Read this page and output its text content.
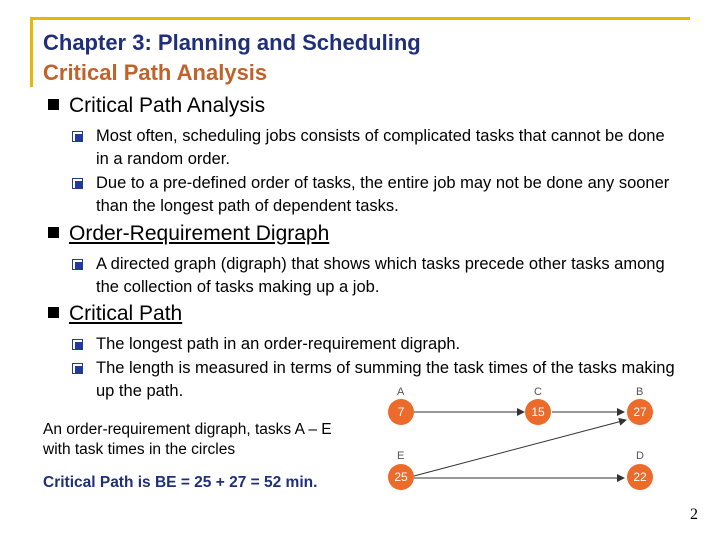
Chapter 3: Planning and Scheduling
Critical Path Analysis
Critical Path Analysis
Most often, scheduling jobs consists of complicated tasks that cannot be done in a random order.
Due to a pre-defined order of tasks, the entire job may not be done any sooner than the longest path of dependent tasks.
Order-Requirement Digraph
A directed graph (digraph) that shows which tasks precede other tasks among the collection of tasks making up a job.
Critical Path
The longest path in an order-requirement digraph.
The length is measured in terms of summing the task times of the tasks making up the path.
An order-requirement digraph, tasks A – E with task times in the circles
Critical Path is BE = 25 + 27 = 52 min.
A
7
C
15
B
27
E
25
D
22
2
